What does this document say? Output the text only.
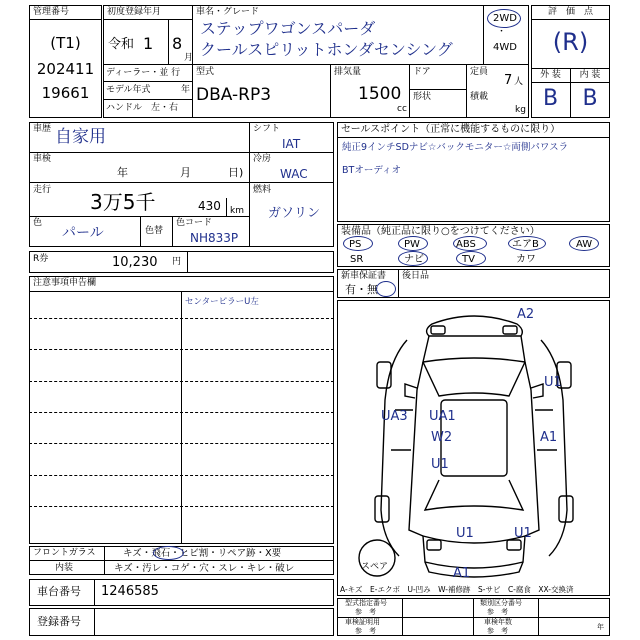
管理番号
(T1)
202411
19661
初度登録年月
令和 1 8
月
ディーラー・並 行
モデル年式	年
ハンドル　左・右
車名・グレード
ステップワゴンスパーダ
クールスピリットホンダセンシング
2WD
・
4WD
型式
DBA-RP3
排気量
1500
cc
ドア
形状
定員
7 人
積載
kg
評　価　点
(R)
外 装	内 装
B	B
車歴 自家用
車検
年	月	日)
走行 3万5千	430 km
色
パール	色替
色コード
NH833P
シフト
IAT
冷房
WAC
燃料
ガソリン
セールスポイント（正常に機能するものに限り）
純正9インチSDナビ☆バックモニター☆両側パワスラ
BTオーディオ
装備品（純正品に限り○をつけてください）
PS	PW	ABS	エアB	AW
SR	ナビ	TV	カワ
R券	10,230 円
新車保証書
有・無
後日品
注意事項申告欄
センターピラーU左
A2
U1
UA3 UA1
W2	A1
U1
U1	U1
A1
スペア
A-キズ　E-エクボ　U-凹み　W-補修跡　S-サビ　C-腐食　XX-交換済
フロントガラス	キズ・飛石・ヒビ割・リペア跡・X要
内装	キズ・汚レ・コゲ・穴・スレ・キレ・破レ
車台番号 1246585
登録番号
型式指定番号
参　考
類別区分番号
参　考
車検証明用
参　考
車検年数
参　考	年
